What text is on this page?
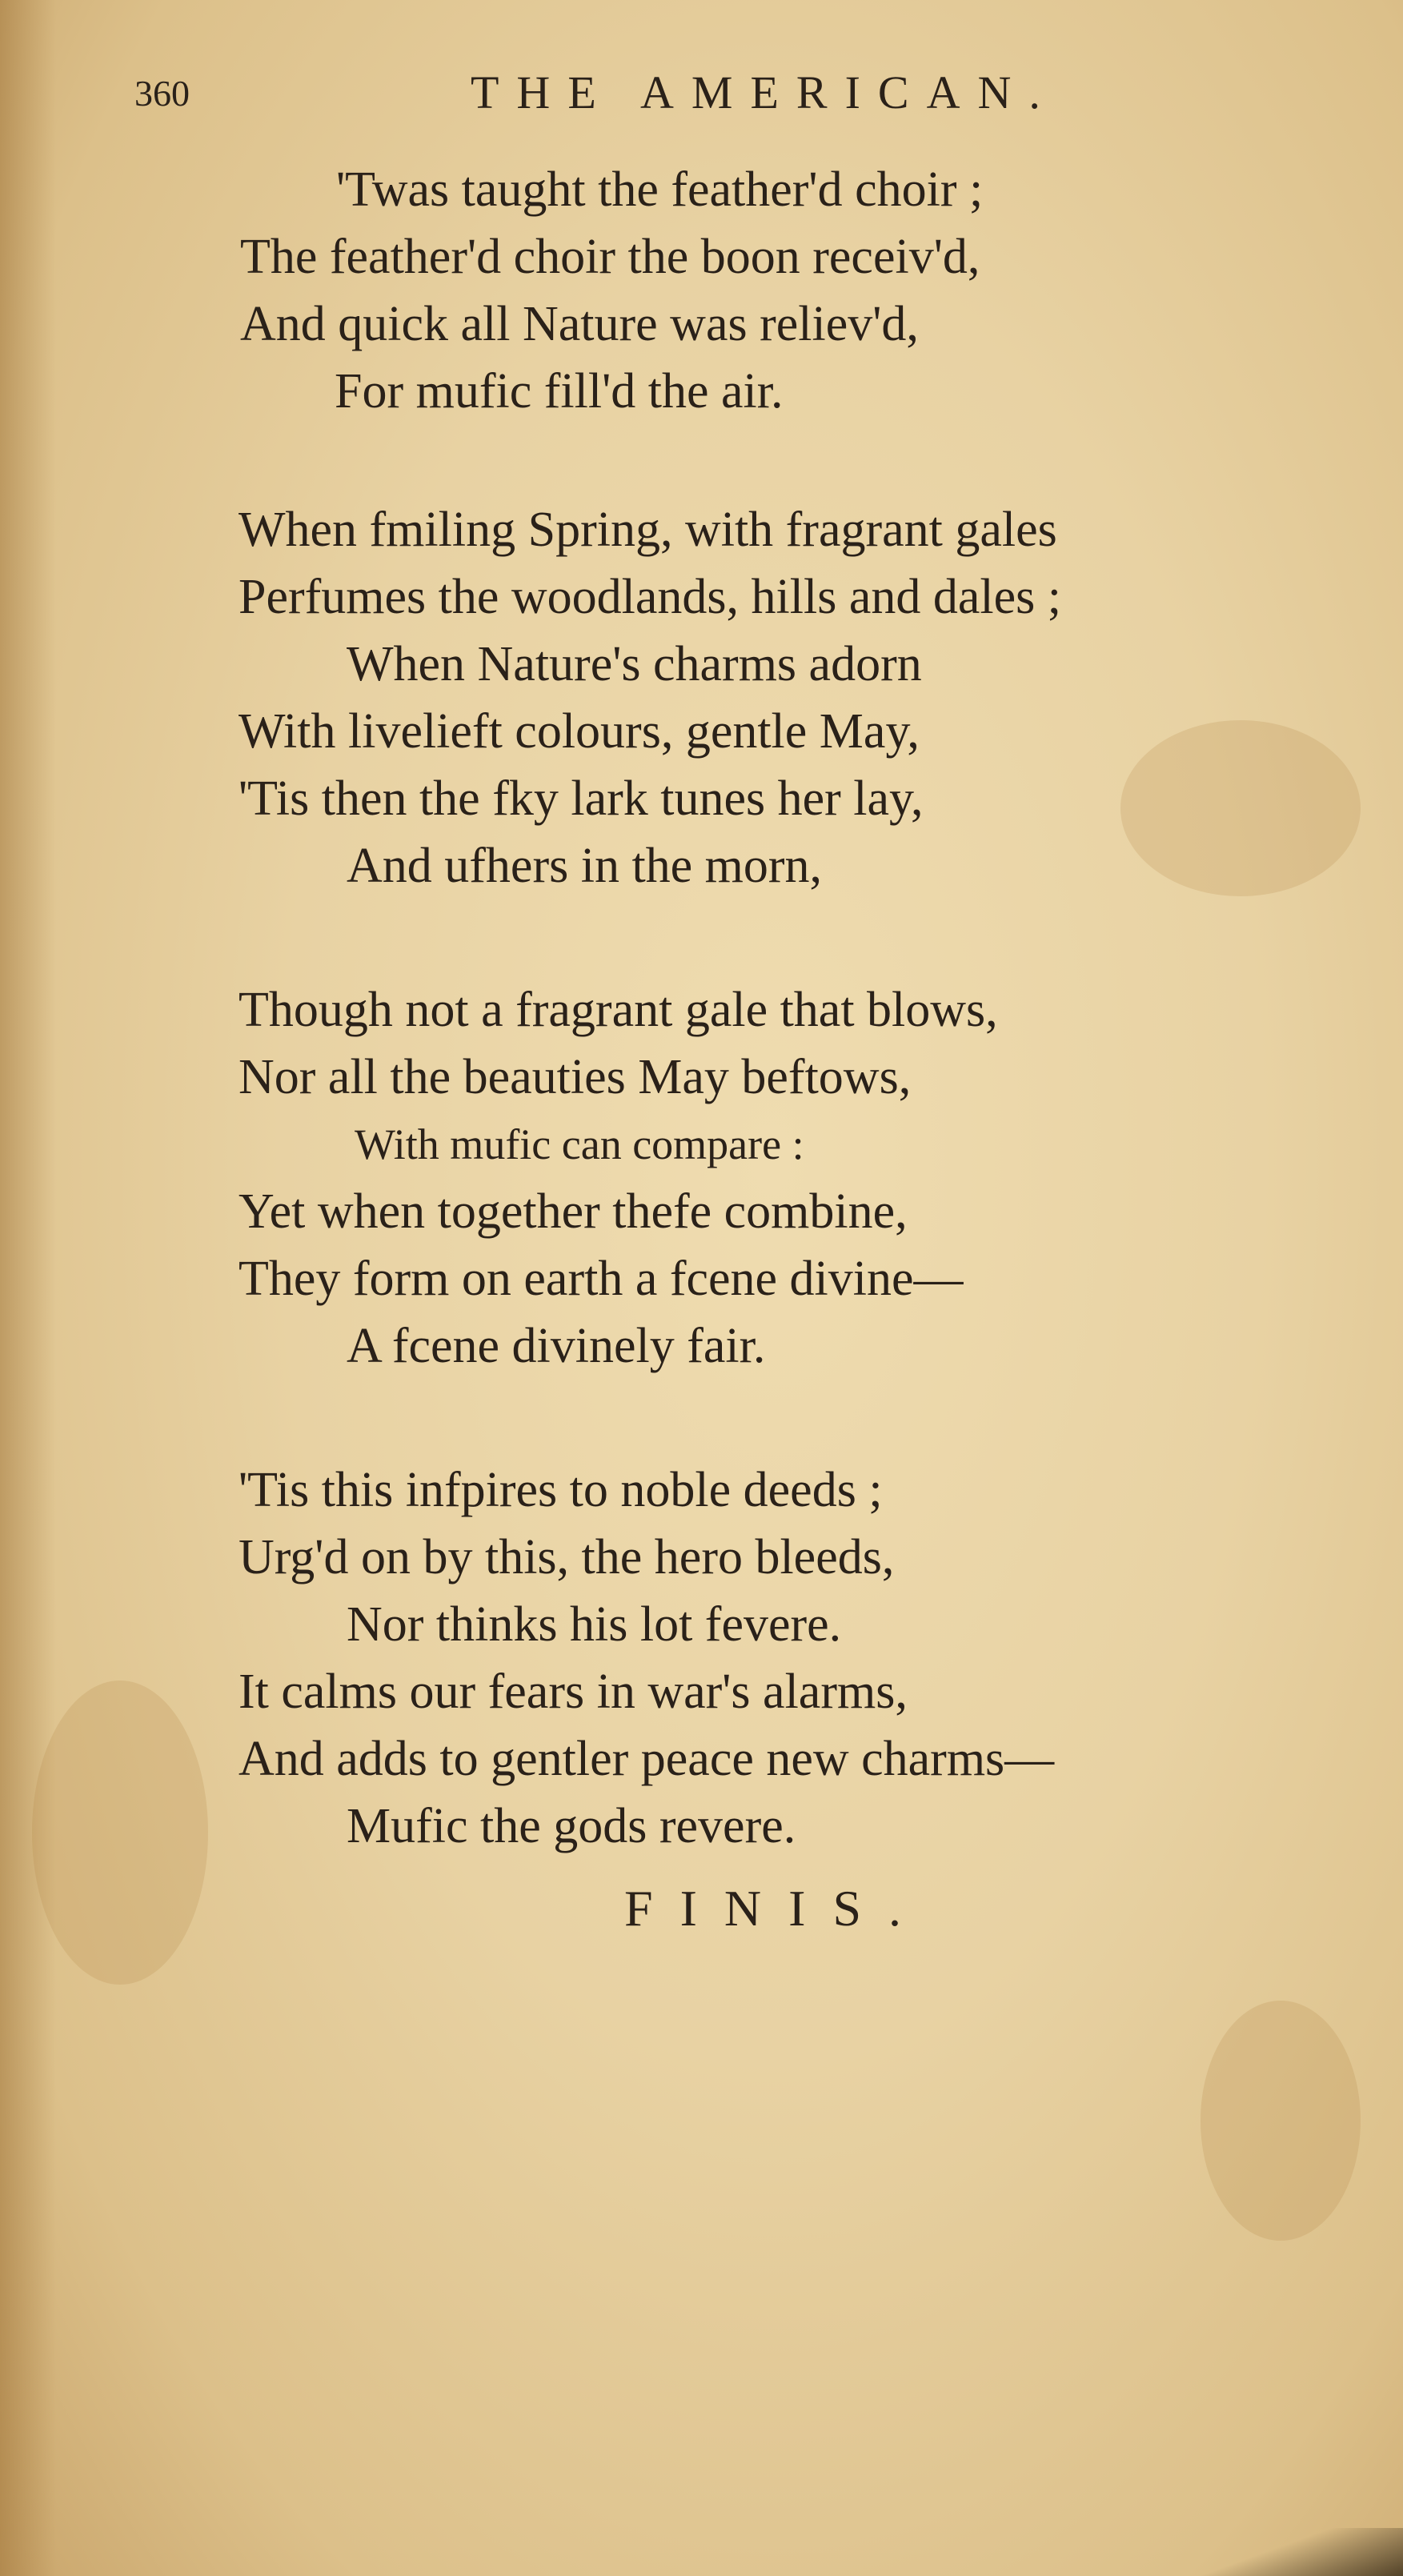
360	THE AMERICAN.
'Twas taught the feather'd choir ;
The feather'd choir the boon receiv'd,
And quick all Nature was reliev'd,
For mufic fill'd the air.
When fmiling Spring, with fragrant gales
Perfumes the woodlands, hills and dales ;
When Nature's charms adorn
With livelieft colours, gentle May,
'Tis then the fky lark tunes her lay,
And ufhers in the morn,
Though not a fragrant gale that blows,
Nor all the beauties May beftows,
With mufic can compare :
Yet when together thefe combine,
They form on earth a fcene divine—
A fcene divinely fair.
'Tis this infpires to noble deeds ;
Urg'd on by this, the hero bleeds,
Nor thinks his lot fevere.
It calms our fears in war's alarms,
And adds to gentler peace new charms—
Mufic the gods revere.
FINIS.
